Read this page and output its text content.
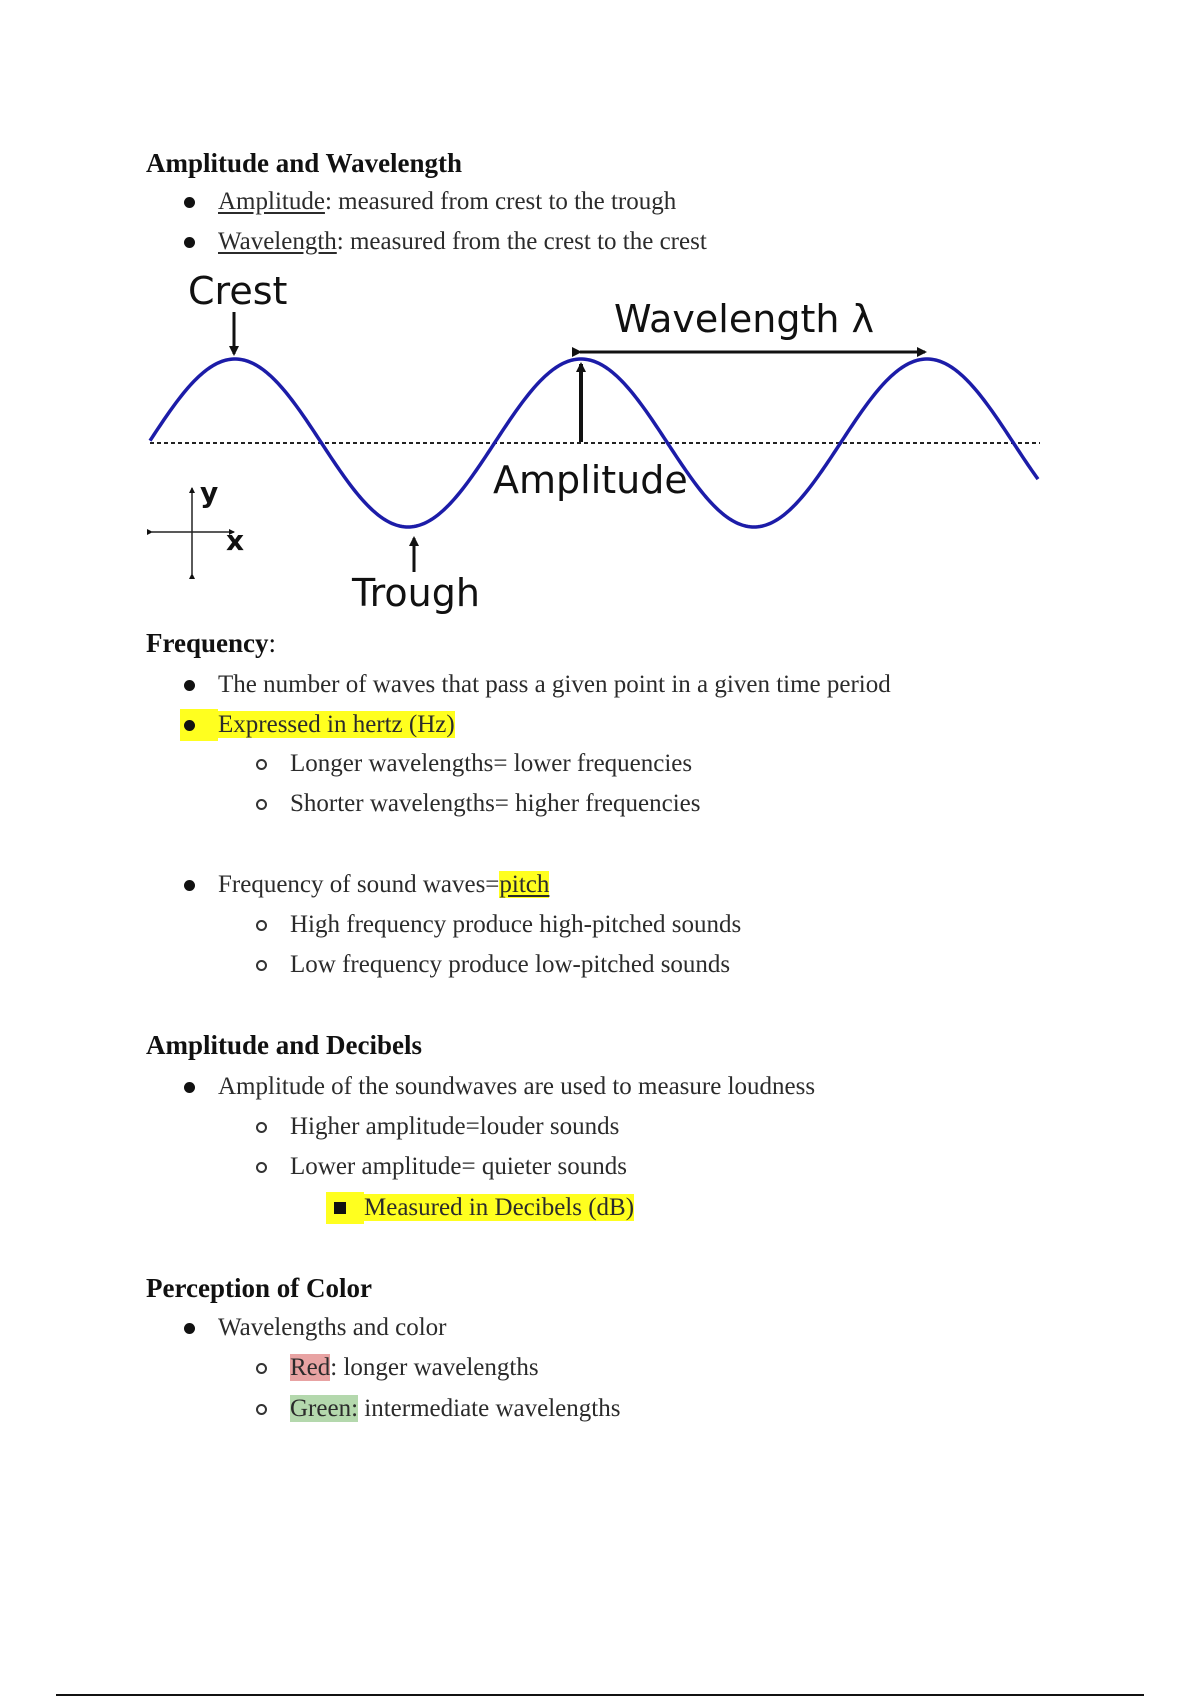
Amplitude and Wavelength
Amplitude: measured from crest to the trough
Wavelength: measured from the crest to the crest
Crest
Wavelength λ
Amplitude
Trough
y
x
Frequency:
The number of waves that pass a given point in a given time period
Expressed in hertz (Hz)
Longer wavelengths= lower frequencies
Shorter wavelengths= higher frequencies
Frequency of sound waves=pitch
High frequency produce high-pitched sounds
Low frequency produce low-pitched sounds
Amplitude and Decibels
Amplitude of the soundwaves are used to measure loudness
Higher amplitude=louder sounds
Lower amplitude= quieter sounds
Measured in Decibels (dB)
Perception of Color
Wavelengths and color
Red: longer wavelengths
Green: intermediate wavelengths
